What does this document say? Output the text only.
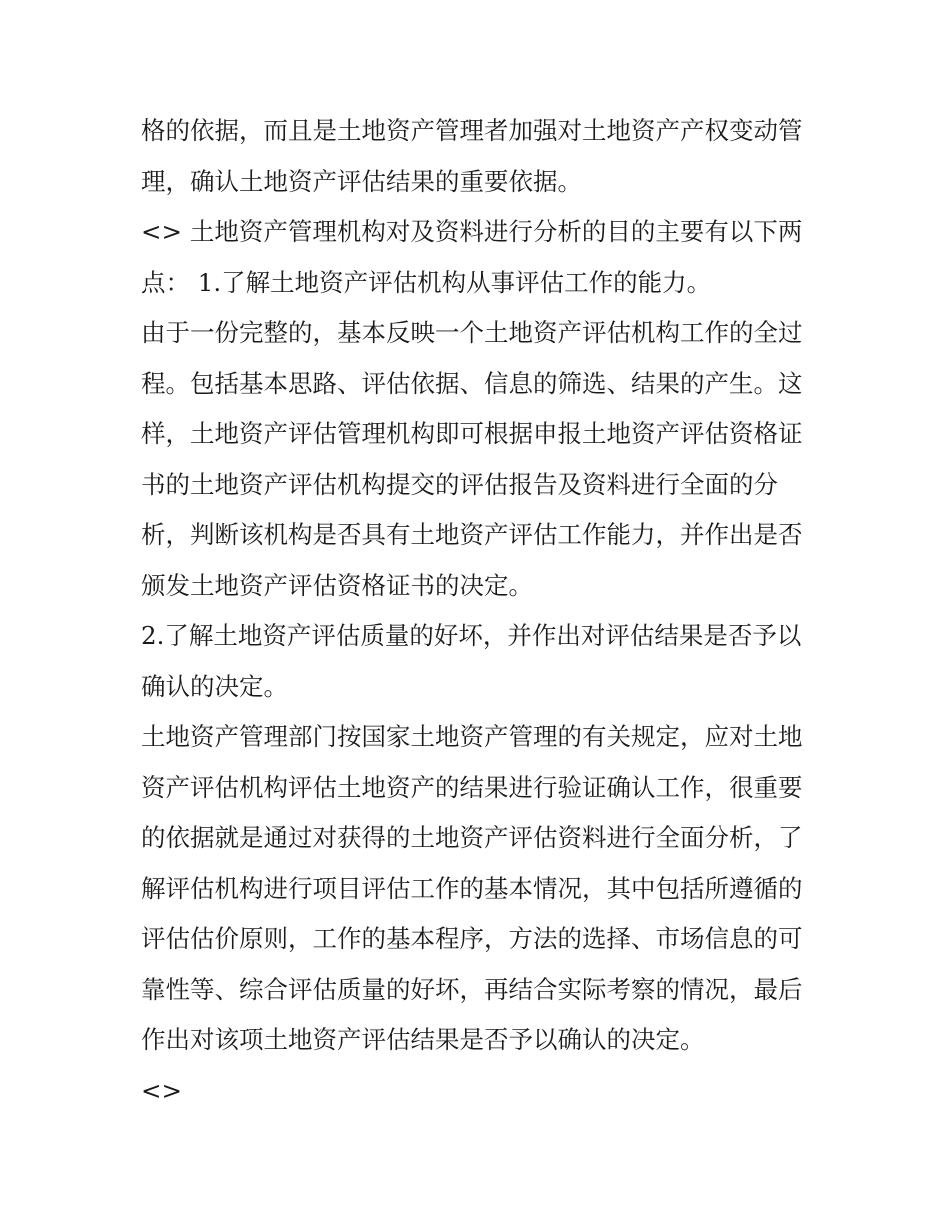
格的依据，而且是土地资产管理者加强对土地资产产权变动管
理，确认土地资产评估结果的重要依据。
<> 土地资产管理机构对及资料进行分析的目的主要有以下两
点： 1.了解土地资产评估机构从事评估工作的能力。
由于一份完整的，基本反映一个土地资产评估机构工作的全过
程。包括基本思路、评估依据、信息的筛选、结果的产生。这
样，土地资产评估管理机构即可根据申报土地资产评估资格证
书的土地资产评估机构提交的评估报告及资料进行全面的分
析，判断该机构是否具有土地资产评估工作能力，并作出是否
颁发土地资产评估资格证书的决定。
2.了解土地资产评估质量的好坏，并作出对评估结果是否予以
确认的决定。
土地资产管理部门按国家土地资产管理的有关规定，应对土地
资产评估机构评估土地资产的结果进行验证确认工作，很重要
的依据就是通过对获得的土地资产评估资料进行全面分析，了
解评估机构进行项目评估工作的基本情况，其中包括所遵循的
评估估价原则，工作的基本程序，方法的选择、市场信息的可
靠性等、综合评估质量的好坏，再结合实际考察的情况，最后
作出对该项土地资产评估结果是否予以确认的决定。
<>
